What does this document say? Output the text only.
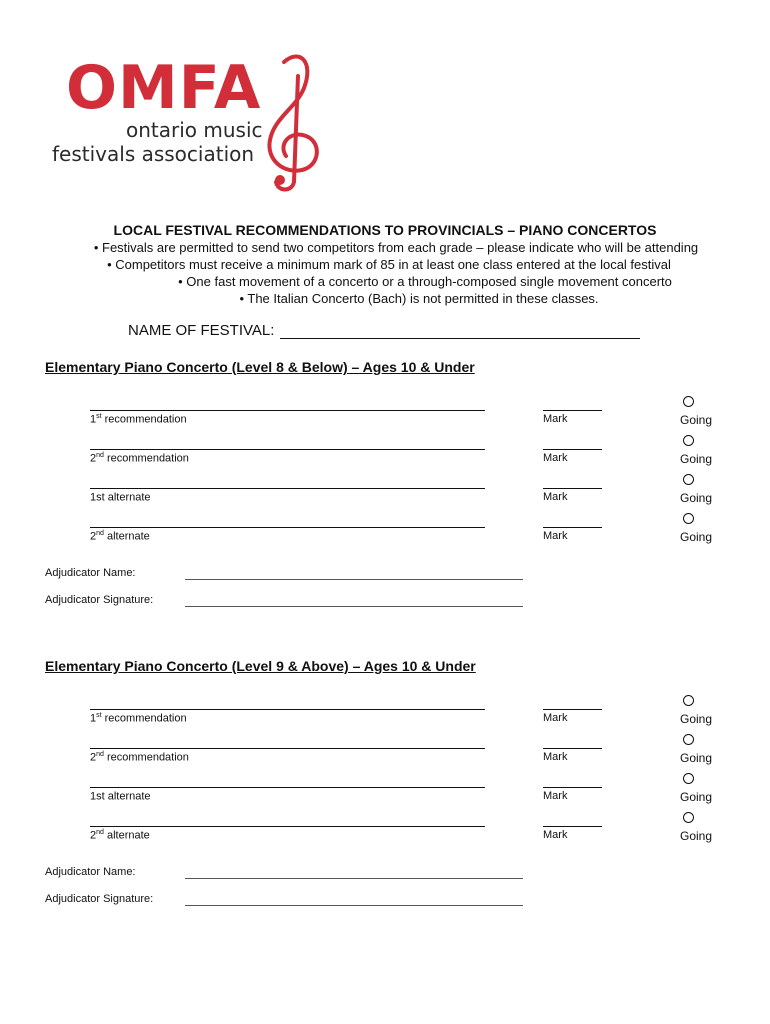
OMFA
ontario music
festivals association
LOCAL FESTIVAL RECOMMENDATIONS TO PROVINCIALS – PIANO CONCERTOS
• Festivals are permitted to send two competitors from each grade – please indicate who will be attending
• Competitors must receive a minimum mark of 85 in at least one class entered at the local festival
• One fast movement of a concerto or a through-composed single movement concerto
• The Italian Concerto (Bach) is not permitted in these classes.
NAME OF FESTIVAL:
Elementary Piano Concerto (Level 8 & Below) – Ages 10 & Under
1st recommendation	Mark	Going
2nd recommendation	Mark	Going
1st alternate	Mark	Going
2nd alternate	Mark	Going
Adjudicator Name:
Adjudicator Signature:
Elementary Piano Concerto (Level 9 & Above) – Ages 10 & Under
1st recommendation	Mark	Going
2nd recommendation	Mark	Going
1st alternate	Mark	Going
2nd alternate	Mark	Going
Adjudicator Name:
Adjudicator Signature:
